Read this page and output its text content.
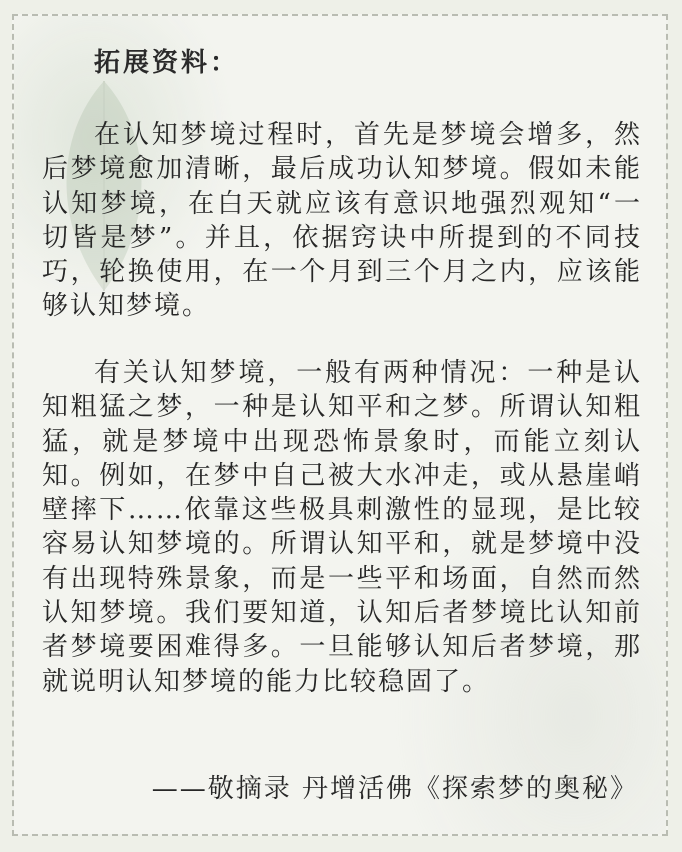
拓展资料：

在认知梦境过程时，首先是梦境会增多，然后梦境愈加清晰，最后成功认知梦境。假如未能认知梦境，在白天就应该有意识地强烈观知“一切皆是梦”。并且，依据窍诀中所提到的不同技巧，轮换使用，在一个月到三个月之内，应该能够认知梦境。

有关认知梦境，一般有两种情况：一种是认知粗猛之梦，一种是认知平和之梦。所谓认知粗猛，就是梦境中出现恐怖景象时，而能立刻认知。例如，在梦中自己被大水冲走，或从悬崖峭壁摔下……依靠这些极具刺激性的显现，是比较容易认知梦境的。所谓认知平和，就是梦境中没有出现特殊景象，而是一些平和场面，自然而然认知梦境。我们要知道，认知后者梦境比认知前者梦境要困难得多。一旦能够认知后者梦境，那就说明认知梦境的能力比较稳固了。

——敬摘录 丹增活佛《探索梦的奥秘》
